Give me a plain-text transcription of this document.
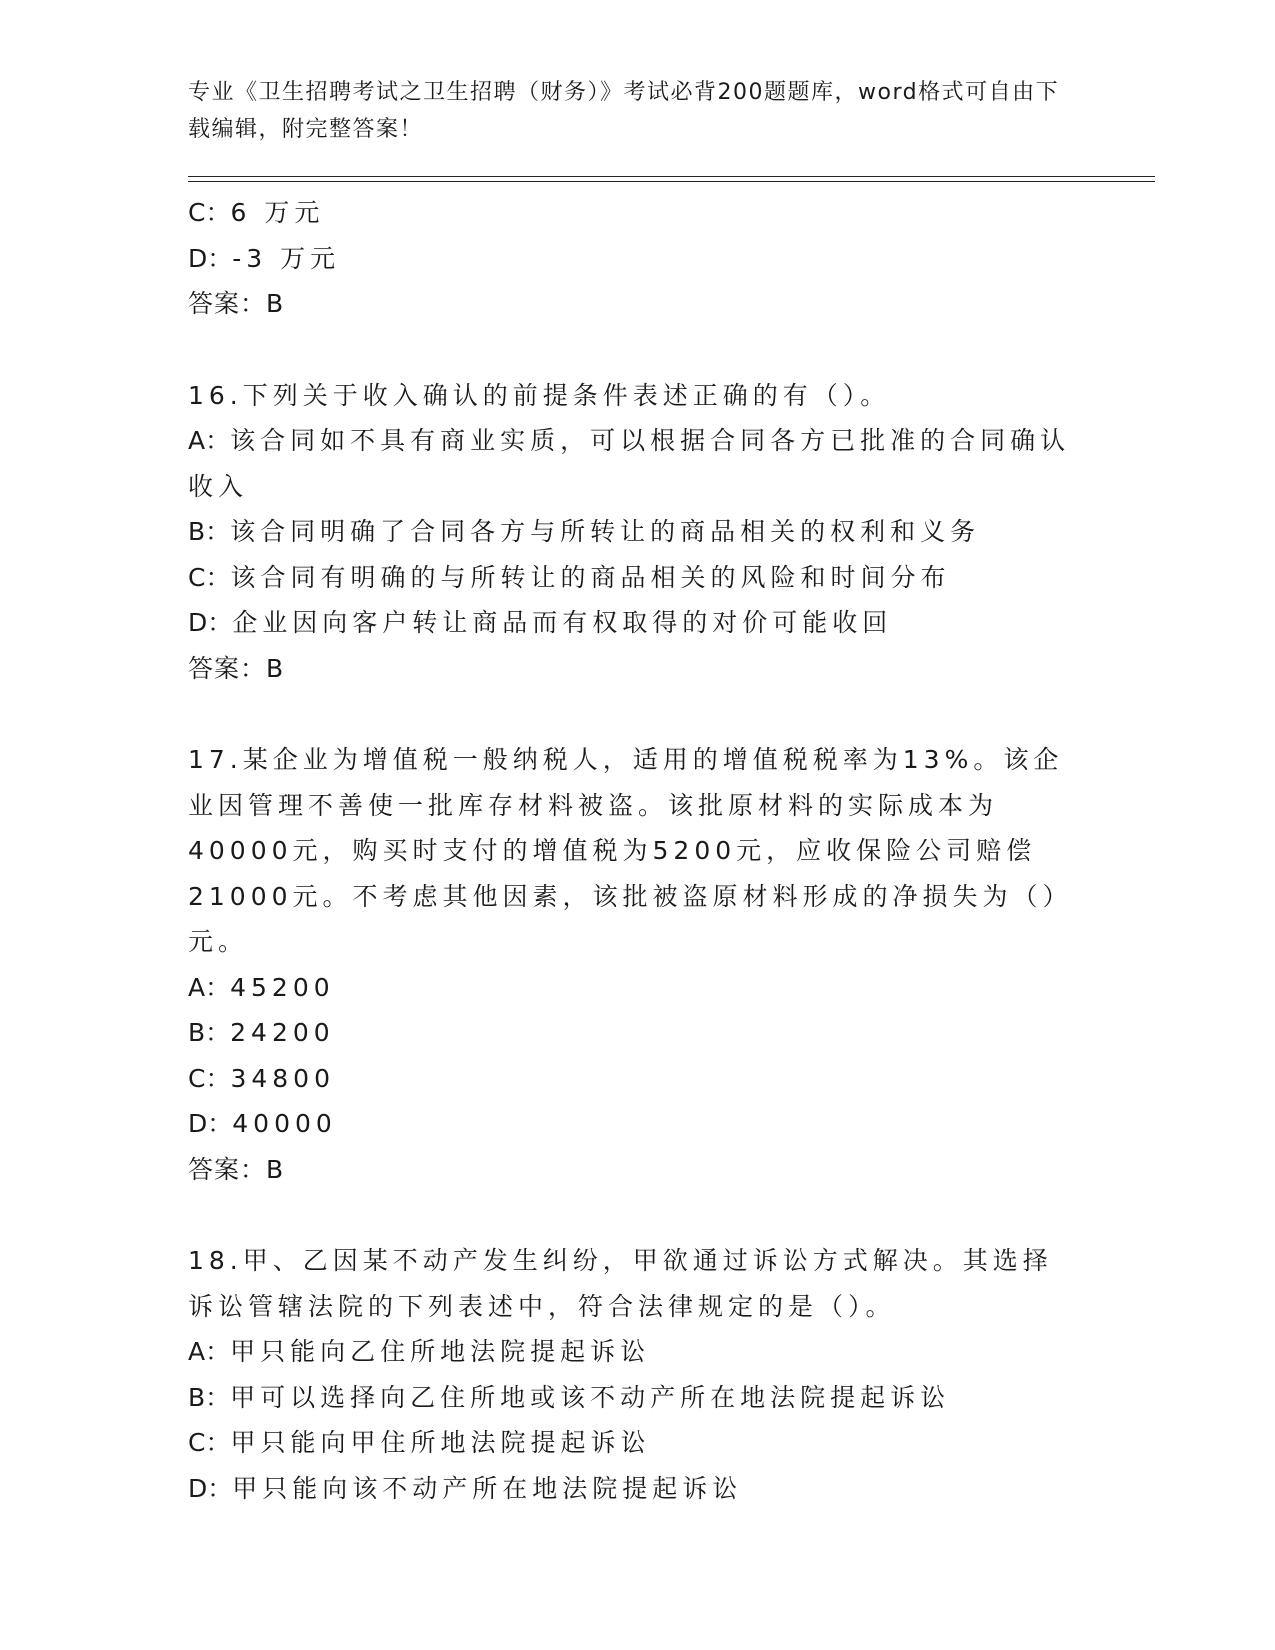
专业《卫生招聘考试之卫生招聘（财务）》考试必背200题题库，word格式可自由下载编辑，附完整答案！
C：6 万元
D：-3 万元
答案：B
16.下列关于收入确认的前提条件表述正确的有（）。
A：该合同如不具有商业实质，可以根据合同各方已批准的合同确认收入
B：该合同明确了合同各方与所转让的商品相关的权利和义务
C：该合同有明确的与所转让的商品相关的风险和时间分布
D：企业因向客户转让商品而有权取得的对价可能收回
答案：B
17.某企业为增值税一般纳税人，适用的增值税税率为13%。该企业因管理不善使一批库存材料被盗。该批原材料的实际成本为40000元，购买时支付的增值税为5200元，应收保险公司赔偿21000元。不考虑其他因素，该批被盗原材料形成的净损失为（）元。
A：45200
B：24200
C：34800
D：40000
答案：B
18.甲、乙因某不动产发生纠纷，甲欲通过诉讼方式解决。其选择诉讼管辖法院的下列表述中，符合法律规定的是（）。
A：甲只能向乙住所地法院提起诉讼
B：甲可以选择向乙住所地或该不动产所在地法院提起诉讼
C：甲只能向甲住所地法院提起诉讼
D：甲只能向该不动产所在地法院提起诉讼
